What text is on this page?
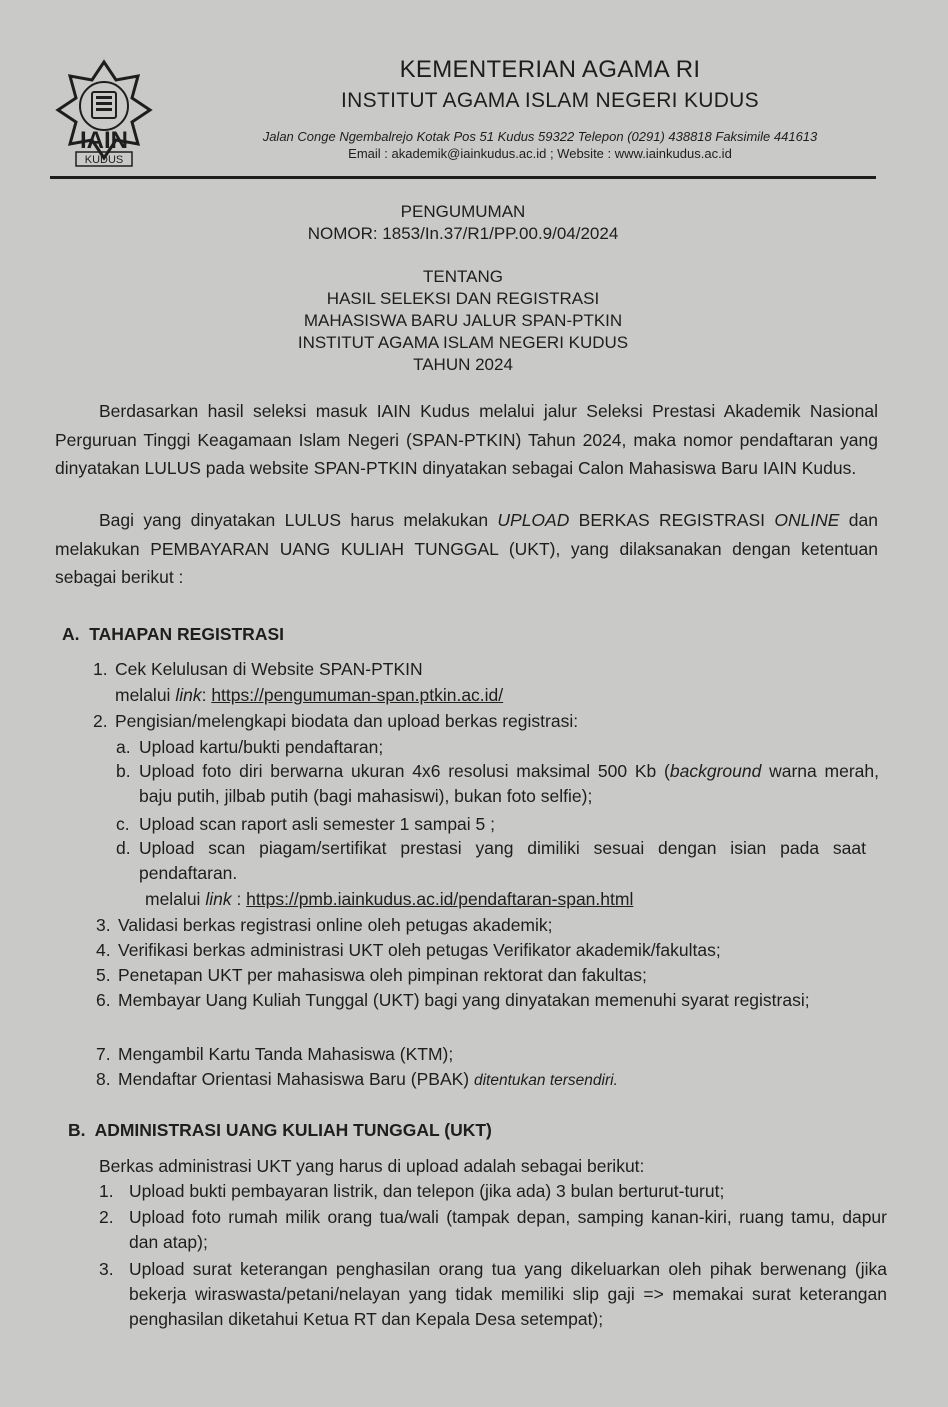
IAIN
KUDUS
KEMENTERIAN AGAMA RI
INSTITUT AGAMA ISLAM NEGERI KUDUS
Jalan Conge Ngembalrejo Kotak Pos 51 Kudus 59322 Telepon (0291) 438818 Faksimile 441613
Email : akademik@iainkudus.ac.id ; Website : www.iainkudus.ac.id
PENGUMUMAN
NOMOR: 1853/In.37/R1/PP.00.9/04/2024
TENTANG
HASIL SELEKSI DAN REGISTRASI
MAHASISWA BARU JALUR SPAN-PTKIN
INSTITUT AGAMA ISLAM NEGERI KUDUS
TAHUN 2024
Berdasarkan hasil seleksi masuk IAIN Kudus melalui jalur Seleksi Prestasi Akademik Nasional Perguruan Tinggi Keagamaan Islam Negeri (SPAN-PTKIN) Tahun 2024, maka nomor pendaftaran yang dinyatakan LULUS pada website SPAN-PTKIN dinyatakan sebagai Calon Mahasiswa Baru IAIN Kudus.
Bagi yang dinyatakan LULUS harus melakukan UPLOAD BERKAS REGISTRASI ONLINE dan melakukan PEMBAYARAN UANG KULIAH TUNGGAL (UKT), yang dilaksanakan dengan ketentuan sebagai berikut :
A.  TAHAPAN REGISTRASI
1. Cek Kelulusan di Website SPAN-PTKIN
melalui link: https://pengumuman-span.ptkin.ac.id/
2. Pengisian/melengkapi biodata dan upload berkas registrasi:
a. Upload kartu/bukti pendaftaran;
b. Upload foto diri berwarna ukuran 4x6 resolusi maksimal 500 Kb (background warna merah, baju putih, jilbab putih (bagi mahasiswi), bukan foto selfie);
c. Upload scan raport asli semester 1 sampai 5 ;
d. Upload scan piagam/sertifikat prestasi yang dimiliki sesuai dengan isian pada saat pendaftaran.
melalui link : https://pmb.iainkudus.ac.id/pendaftaran-span.html
3. Validasi berkas registrasi online oleh petugas akademik;
4. Verifikasi berkas administrasi UKT oleh petugas Verifikator akademik/fakultas;
5. Penetapan UKT per mahasiswa oleh pimpinan rektorat dan fakultas;
6. Membayar Uang Kuliah Tunggal (UKT) bagi yang dinyatakan memenuhi syarat registrasi;
7. Mengambil Kartu Tanda Mahasiswa (KTM);
8. Mendaftar Orientasi Mahasiswa Baru (PBAK) ditentukan tersendiri.
B.  ADMINISTRASI UANG KULIAH TUNGGAL (UKT)
Berkas administrasi UKT yang harus di upload adalah sebagai berikut:
1. Upload bukti pembayaran listrik, dan telepon (jika ada) 3 bulan berturut-turut;
2. Upload foto rumah milik orang tua/wali (tampak depan, samping kanan-kiri, ruang tamu, dapur dan atap);
3. Upload surat keterangan penghasilan orang tua yang dikeluarkan oleh pihak berwenang (jika bekerja wiraswasta/petani/nelayan yang tidak memiliki slip gaji => memakai surat keterangan penghasilan diketahui Ketua RT dan Kepala Desa setempat);
